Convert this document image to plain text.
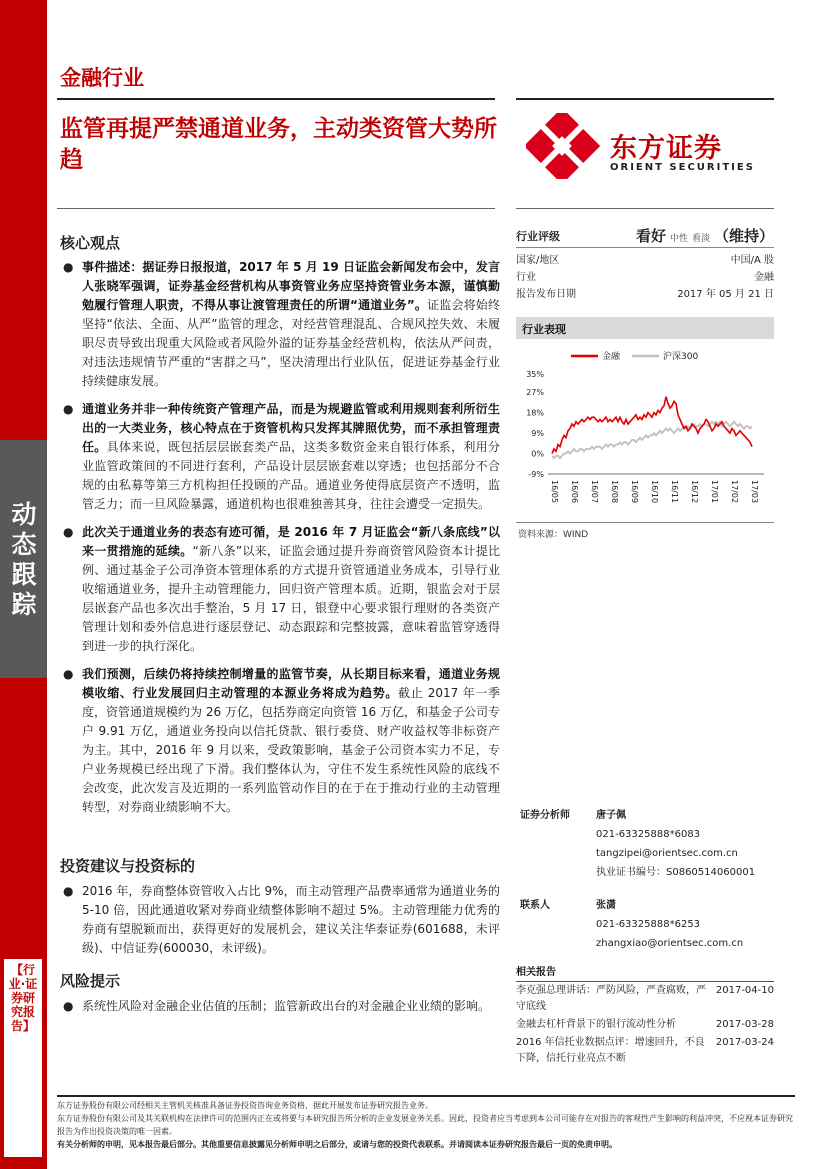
动态跟踪
【行业·证券研究报告】
金融行业
监管再提严禁通道业务，主动类资管大势所趋	东方证券
ORIENT SECURITIES
核心观点
● 事件描述：据证券日报报道，2017 年 5 月 19 日证监会新闻发布会中，发言人张晓军强调，证券基金经营机构从事资管业务应坚持资管业务本源，谨慎勤勉履行管理人职责，不得从事让渡管理责任的所谓“通道业务”。证监会将始终坚持“依法、全面、从严”监管的理念，对经营管理混乱、合规风控失效、未履职尽责导致出现重大风险或者风险外溢的证券基金经营机构，依法从严问责，对违法违规情节严重的“害群之马”，坚决清理出行业队伍，促进证券基金行业持续健康发展。
● 通道业务并非一种传统资产管理产品，而是为规避监管或利用规则套利所衍生出的一大类业务，核心特点在于资管机构只发挥其牌照优势，而不承担管理责任。具体来说，既包括层层嵌套类产品，这类多数资金来自银行体系，利用分业监管政策间的不同进行套利，产品设计层层嵌套难以穿透；也包括部分不合规的由私募等第三方机构担任投顾的产品。通道业务使得底层资产不透明，监管乏力；而一旦风险暴露，通道机构也很难独善其身，往往会遭受一定损失。
● 此次关于通道业务的表态有迹可循，是 2016 年 7 月证监会“新八条底线”以来一贯措施的延续。“新八条”以来，证监会通过提升券商资管风险资本计提比例、通过基金子公司净资本管理体系的方式提升资管通道业务成本，引导行业收缩通道业务，提升主动管理能力，回归资产管理本质。近期，银监会对于层层嵌套产品也多次出手整治，5 月 17 日，银登中心要求银行理财的各类资产管理计划和委外信息进行逐层登记、动态跟踪和完整披露，意味着监管穿透得到进一步的执行深化。
● 我们预测，后续仍将持续控制增量的监管节奏，从长期目标来看，通道业务规模收缩、行业发展回归主动管理的本源业务将成为趋势。截止 2017 年一季度，资管通道规模约为 26 万亿，包括券商定向资管 16 万亿，和基金子公司专户 9.91 万亿，通道业务投向以信托贷款、银行委贷、财产收益权等非标资产为主。其中，2016 年 9 月以来，受政策影响，基金子公司资本实力不足，专户业务规模已经出现了下滑。我们整体认为，守住不发生系统性风险的底线不会改变，此次发言及近期的一系列监管动作目的在于在于推动行业的主动管理转型，对券商业绩影响不大。
投资建议与投资标的
● 2016 年，券商整体资管收入占比 9%，而主动管理产品费率通常为通道业务的 5-10 倍，因此通道收紧对券商业绩整体影响不超过 5%。主动管理能力优秀的券商有望脱颖而出，获得更好的发展机会，建议关注华泰证券(601688，未评级)、中信证券(600030，未评级)。
风险提示
● 系统性风险对金融企业估值的压制；监管新政出台的对金融企业业绩的影响。
行业评级	看好 中性 看淡 （维持）
国家/地区	中国/A 股
行业	金融
报告发布日期	2017 年 05 月 21 日
行业表现
金融	沪深300
35%
27%
18%
9%
0%
-9%
16/05 16/06 16/07 16/08 16/09 16/10 16/11 16/12 17/01 17/02 17/03
资料来源：WIND
证券分析师	唐子佩
021-63325888*6083
tangzipei@orientsec.com.cn
执业证书编号：S0860514060001
联系人	张潇
021-63325888*6253
zhangxiao@orientsec.com.cn
相关报告
李克强总理讲话：严防风险，严查腐败，严守底线
2017-04-10
金融去杠杆背景下的银行流动性分析	2017-03-28
2016 年信托业数据点评：增速回升，不良下降，信托行业亮点不断
2017-03-24
东方证券股份有限公司经相关主管机关核准具备证券投资咨询业务资格，据此开展发布证券研究报告业务。
东方证券股份有限公司及其关联机构在法律许可的范围内正在或将要与本研究报告所分析的企业发展业务关系。因此，投资者应当考虑到本公司可能存在对报告的客观性产生影响的利益冲突，不应视本证券研究报告为作出投资决策的唯一因素。
有关分析师的申明，见本报告最后部分。其他重要信息披露见分析师申明之后部分，或请与您的投资代表联系。并请阅读本证券研究报告最后一页的免责申明。
